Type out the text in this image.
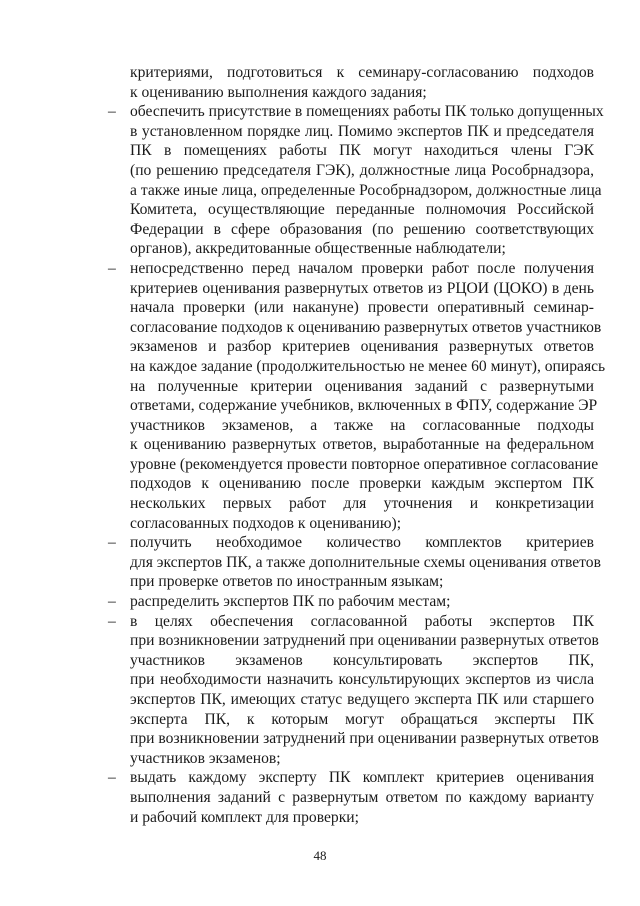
критериями, подготовиться к семинару-согласованию подходов
к оцениванию выполнения каждого задания;
– обеспечить присутствие в помещениях работы ПК только допущенных
в установленном порядке лиц. Помимо экспертов ПК и председателя
ПК в помещениях работы ПК могут находиться члены ГЭК
(по решению председателя ГЭК), должностные лица Рособрнадзора,
а также иные лица, определенные Рособрнадзором, должностные лица
Комитета, осуществляющие переданные полномочия Российской
Федерации в сфере образования (по решению соответствующих
органов), аккредитованные общественные наблюдатели;
– непосредственно перед началом проверки работ после получения
критериев оценивания развернутых ответов из РЦОИ (ЦОКО) в день
начала проверки (или накануне) провести оперативный семинар-
согласование подходов к оцениванию развернутых ответов участников
экзаменов и разбор критериев оценивания развернутых ответов
на каждое задание (продолжительностью не менее 60 минут), опираясь
на полученные критерии оценивания заданий с развернутыми
ответами, содержание учебников, включенных в ФПУ, содержание ЭР
участников экзаменов, а также на согласованные подходы
к оцениванию развернутых ответов, выработанные на федеральном
уровне (рекомендуется провести повторное оперативное согласование
подходов к оцениванию после проверки каждым экспертом ПК
нескольких первых работ для уточнения и конкретизации
согласованных подходов к оцениванию);
– получить необходимое количество комплектов критериев
для экспертов ПК, а также дополнительные схемы оценивания ответов
при проверке ответов по иностранным языкам;
– распределить экспертов ПК по рабочим местам;
– в целях обеспечения согласованной работы экспертов ПК
при возникновении затруднений при оценивании развернутых ответов
участников экзаменов консультировать экспертов ПК,
при необходимости назначить консультирующих экспертов из числа
экспертов ПК, имеющих статус ведущего эксперта ПК или старшего
эксперта ПК, к которым могут обращаться эксперты ПК
при возникновении затруднений при оценивании развернутых ответов
участников экзаменов;
– выдать каждому эксперту ПК комплект критериев оценивания
выполнения заданий с развернутым ответом по каждому варианту
и рабочий комплект для проверки;
48
